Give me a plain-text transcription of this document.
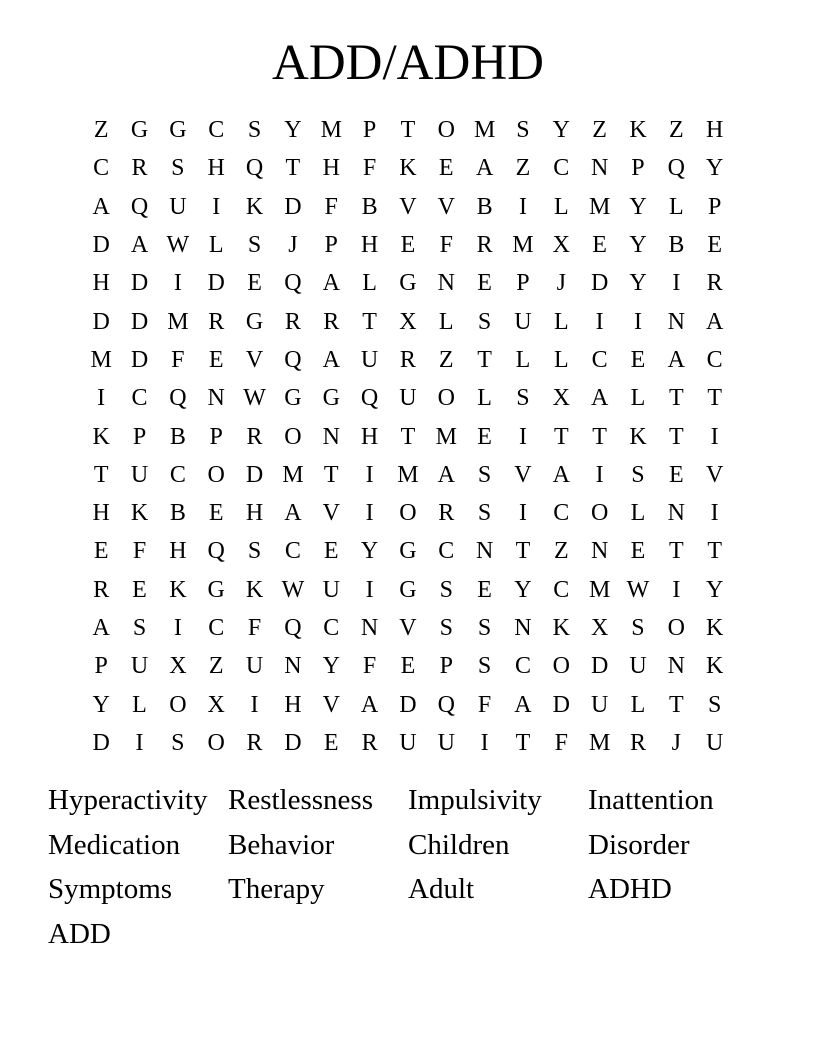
ADD/ADHD
Z G G C S Y M P	T O M S Y Z K Z H
C R S H Q T H F K E A Z C N P Q Y
A Q U	I	K D F B V V B	I	L M Y L	P
D A W L	S	J	P H E	F R M X E Y B E
H D	I	D E Q A L G N E	P	J	D Y	I	R
D D M R G R R T X L	S U L	I	I	N A
M D F	E V Q A U R Z T L L C E A C
I	C Q N W G G Q U O L	S X A L T T
K P B P R O N H T M E	I	T T K T	I
T U C O D M T	I M A S V A	I	S	E V
H K B E H A V	I	O R S	I	C O L N	I
E	F H Q S C E Y G C N T Z N E T T
R E K G K W U	I	G S	E Y C M W I	Y
A S	I	C F Q C N V S	S N K X S O K
P U X Z U N Y F	E	P	S C O D U N K
Y L O X	I	H V A D Q F A D U L T	S
D	I	S O R D E R U U	I	T	F M R	J	U
Hyperactivity Restlessness	Impulsivity	Inattention
Medication	Behavior	Children	Disorder
Symptoms	Therapy	Adult	ADHD
ADD
